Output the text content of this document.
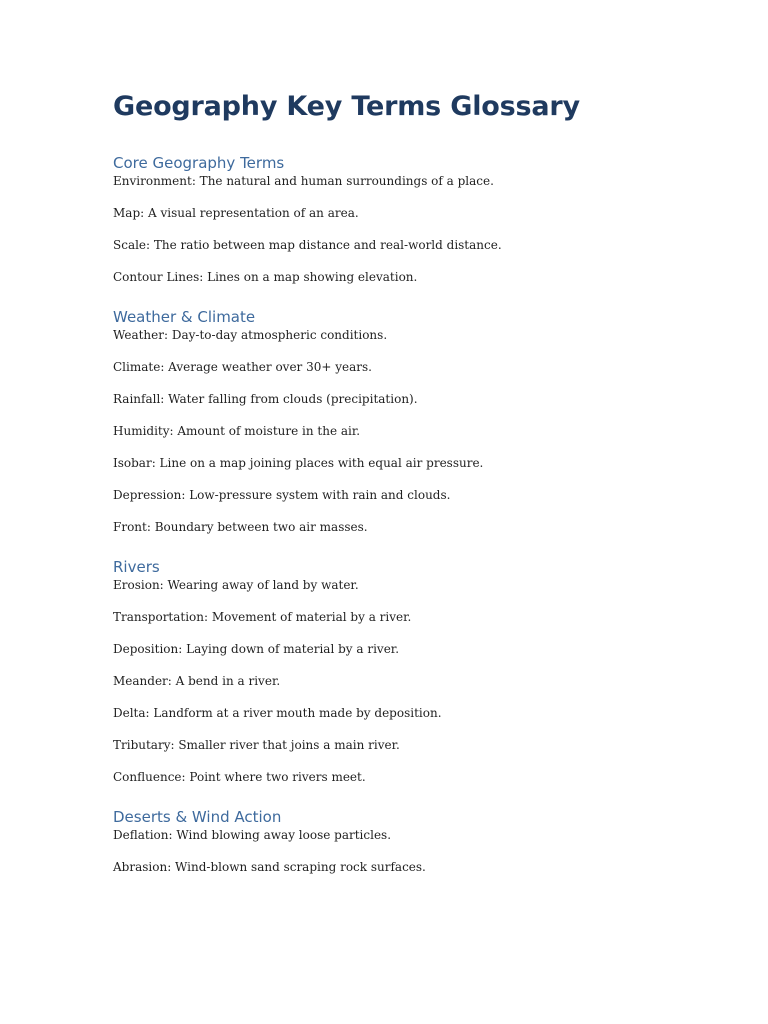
Geography Key Terms Glossary
Core Geography Terms

Environment: The natural and human surroundings of a place.

Map: A visual representation of an area.

Scale: The ratio between map distance and real-world distance.

Contour Lines: Lines on a map showing elevation.

Weather & Climate

Weather: Day-to-day atmospheric conditions.

Climate: Average weather over 30+ years.

Rainfall: Water falling from clouds (precipitation).

Humidity: Amount of moisture in the air.

Isobar: Line on a map joining places with equal air pressure.

Depression: Low-pressure system with rain and clouds.

Front: Boundary between two air masses.

Rivers

Erosion: Wearing away of land by water.

Transportation: Movement of material by a river.

Deposition: Laying down of material by a river.

Meander: A bend in a river.

Delta: Landform at a river mouth made by deposition.

Tributary: Smaller river that joins a main river.

Confluence: Point where two rivers meet.

Deserts & Wind Action

Deflation: Wind blowing away loose particles.

Abrasion: Wind-blown sand scraping rock surfaces.
